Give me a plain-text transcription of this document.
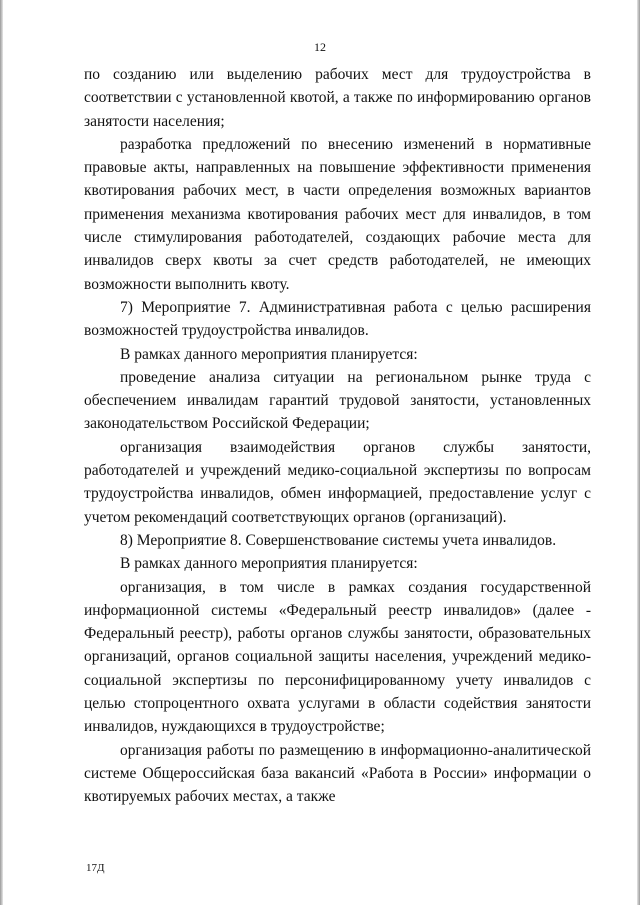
12

по созданию или выделению рабочих мест для трудоустройства в соответствии с установленной квотой, а также по информированию органов занятости населения;

разработка предложений по внесению изменений в нормативные правовые акты, направленных на повышение эффективности применения квотирования рабочих мест, в части определения возможных вариантов применения механизма квотирования рабочих мест для инвалидов, в том числе стимулирования работодателей, создающих рабочие места для инвалидов сверх квоты за счет средств работодателей, не имеющих возможности выполнить квоту.

7) Мероприятие 7. Административная работа с целью расширения возможностей трудоустройства инвалидов.

В рамках данного мероприятия планируется:

проведение анализа ситуации на региональном рынке труда с обеспечением инвалидам гарантий трудовой занятости, установленных законодательством Российской Федерации;

организация взаимодействия органов службы занятости, работодателей и учреждений медико-социальной экспертизы по вопросам трудоустройства инвалидов, обмен информацией, предоставление услуг с учетом рекомендаций соответствующих органов (организаций).

8) Мероприятие 8. Совершенствование системы учета инвалидов.

В рамках данного мероприятия планируется:

организация, в том числе в рамках создания государственной информационной системы «Федеральный реестр инвалидов» (далее - Федеральный реестр), работы органов службы занятости, образовательных организаций, органов социальной защиты населения, учреждений медико-социальной экспертизы по персонифицированному учету инвалидов с целью стопроцентного охвата услугами в области содействия занятости инвалидов, нуждающихся в трудоустройстве;

организация работы по размещению в информационно-аналитической системе Общероссийская база вакансий «Работа в России» информации о квотируемых рабочих местах, а также

17Д
